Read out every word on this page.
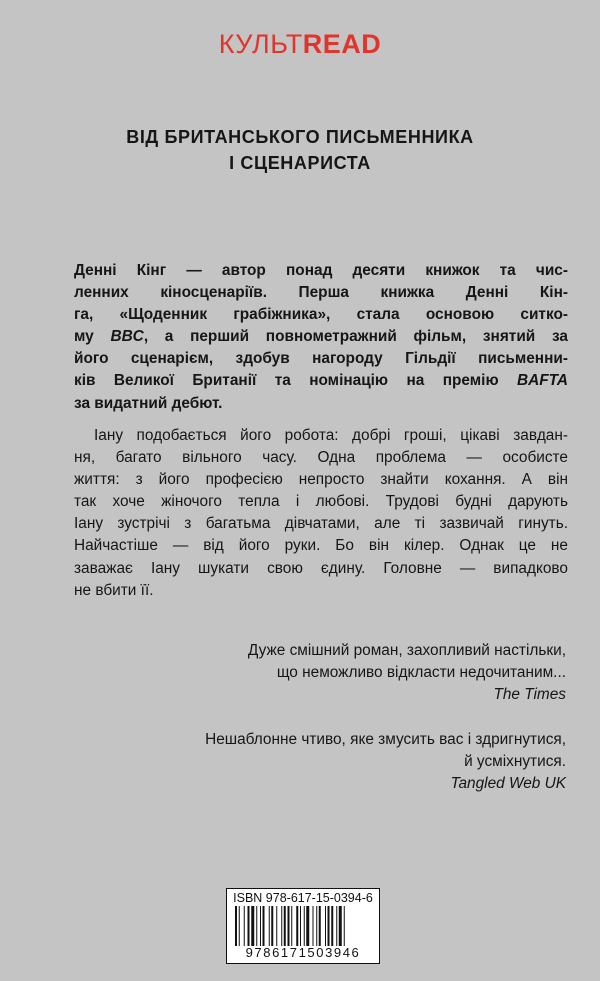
КУЛЬТREAD
ВІД БРИТАНСЬКОГО ПИСЬМЕННИКА
І СЦЕНАРИСТА
Денні Кінг — автор понад десяти книжок та чис-
ленних кіносценаріїв. Перша книжка Денні Кін-
га, «Щоденник грабіжника», стала основою ситко-
му BBC, а перший повнометражний фільм, знятий за
його сценарієм, здобув нагороду Гільдії письменни-
ків Великої Британії та номінацію на премію BAFTA
за видатний дебют.
Іану подобається його робота: добрі гроші, цікаві завдан-
ня, багато вільного часу. Одна проблема — особисте
життя: з його професією непросто знайти кохання. А він
так хоче жіночого тепла і любові. Трудові будні дарують
Іану зустрічі з багатьма дівчатами, але ті зазвичай гинуть.
Найчастіше — від його руки. Бо він кілер. Однак це не
заважає Іану шукати свою єдину. Головне — випадково
не вбити її.
Дуже смішний роман, захопливий настільки,
що неможливо відкласти недочитаним...
The Times
Нешаблонне чтиво, яке змусить вас і здригнутися,
й усміхнутися.
Tangled Web UK
ISBN 978-617-15-0394-6
9786171503946
